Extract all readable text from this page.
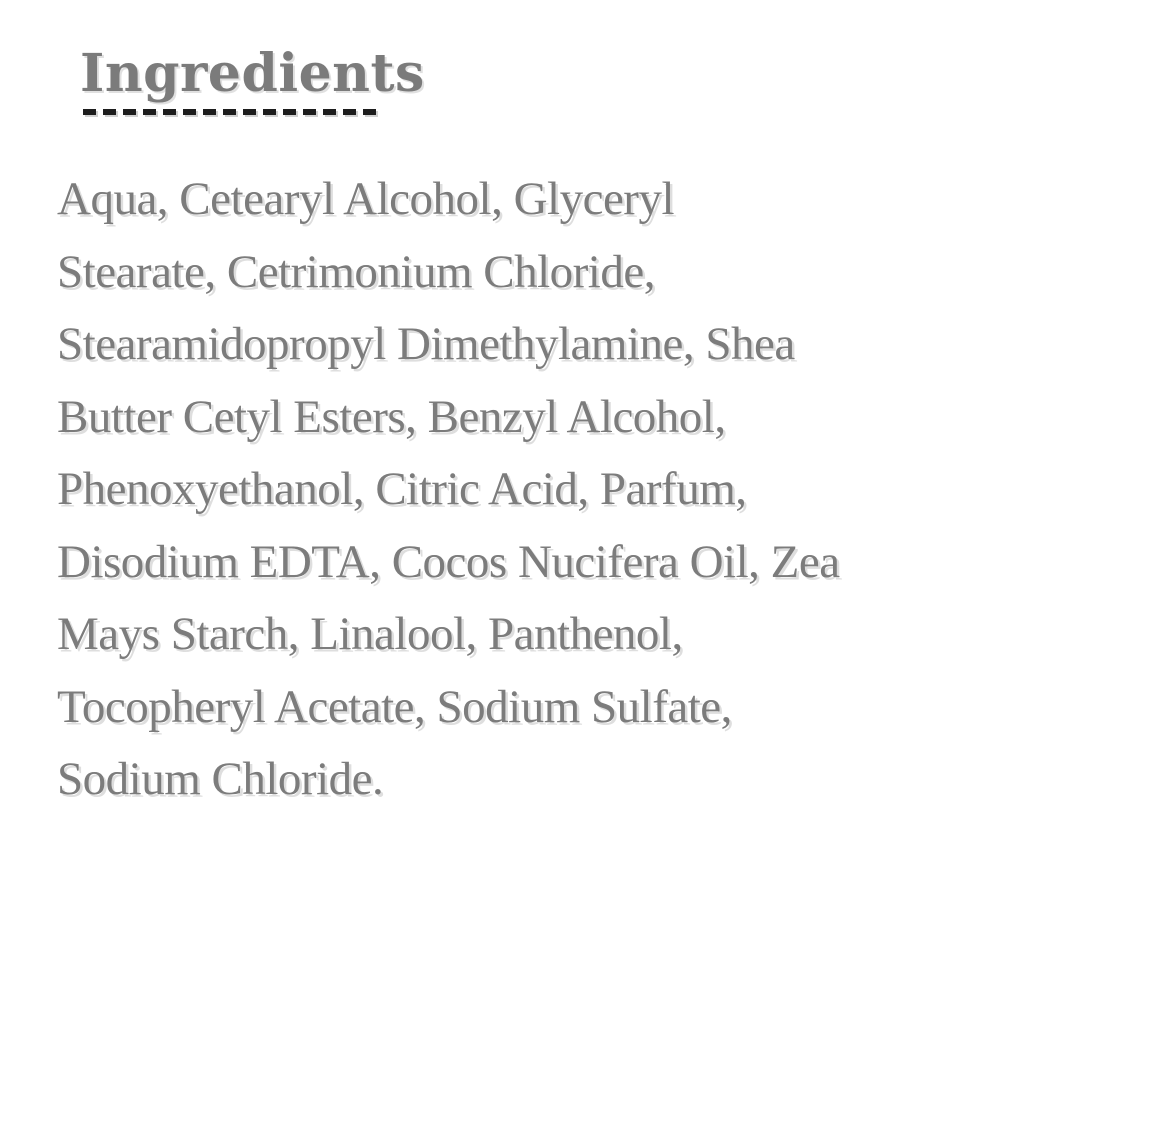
Ingredients
Aqua, Cetearyl Alcohol, Glyceryl
Stearate, Cetrimonium Chloride,
Stearamidopropyl Dimethylamine, Shea
Butter Cetyl Esters, Benzyl Alcohol,
Phenoxyethanol, Citric Acid, Parfum,
Disodium EDTA, Cocos Nucifera Oil, Zea
Mays Starch, Linalool, Panthenol,
Tocopheryl Acetate, Sodium Sulfate,
Sodium Chloride.
